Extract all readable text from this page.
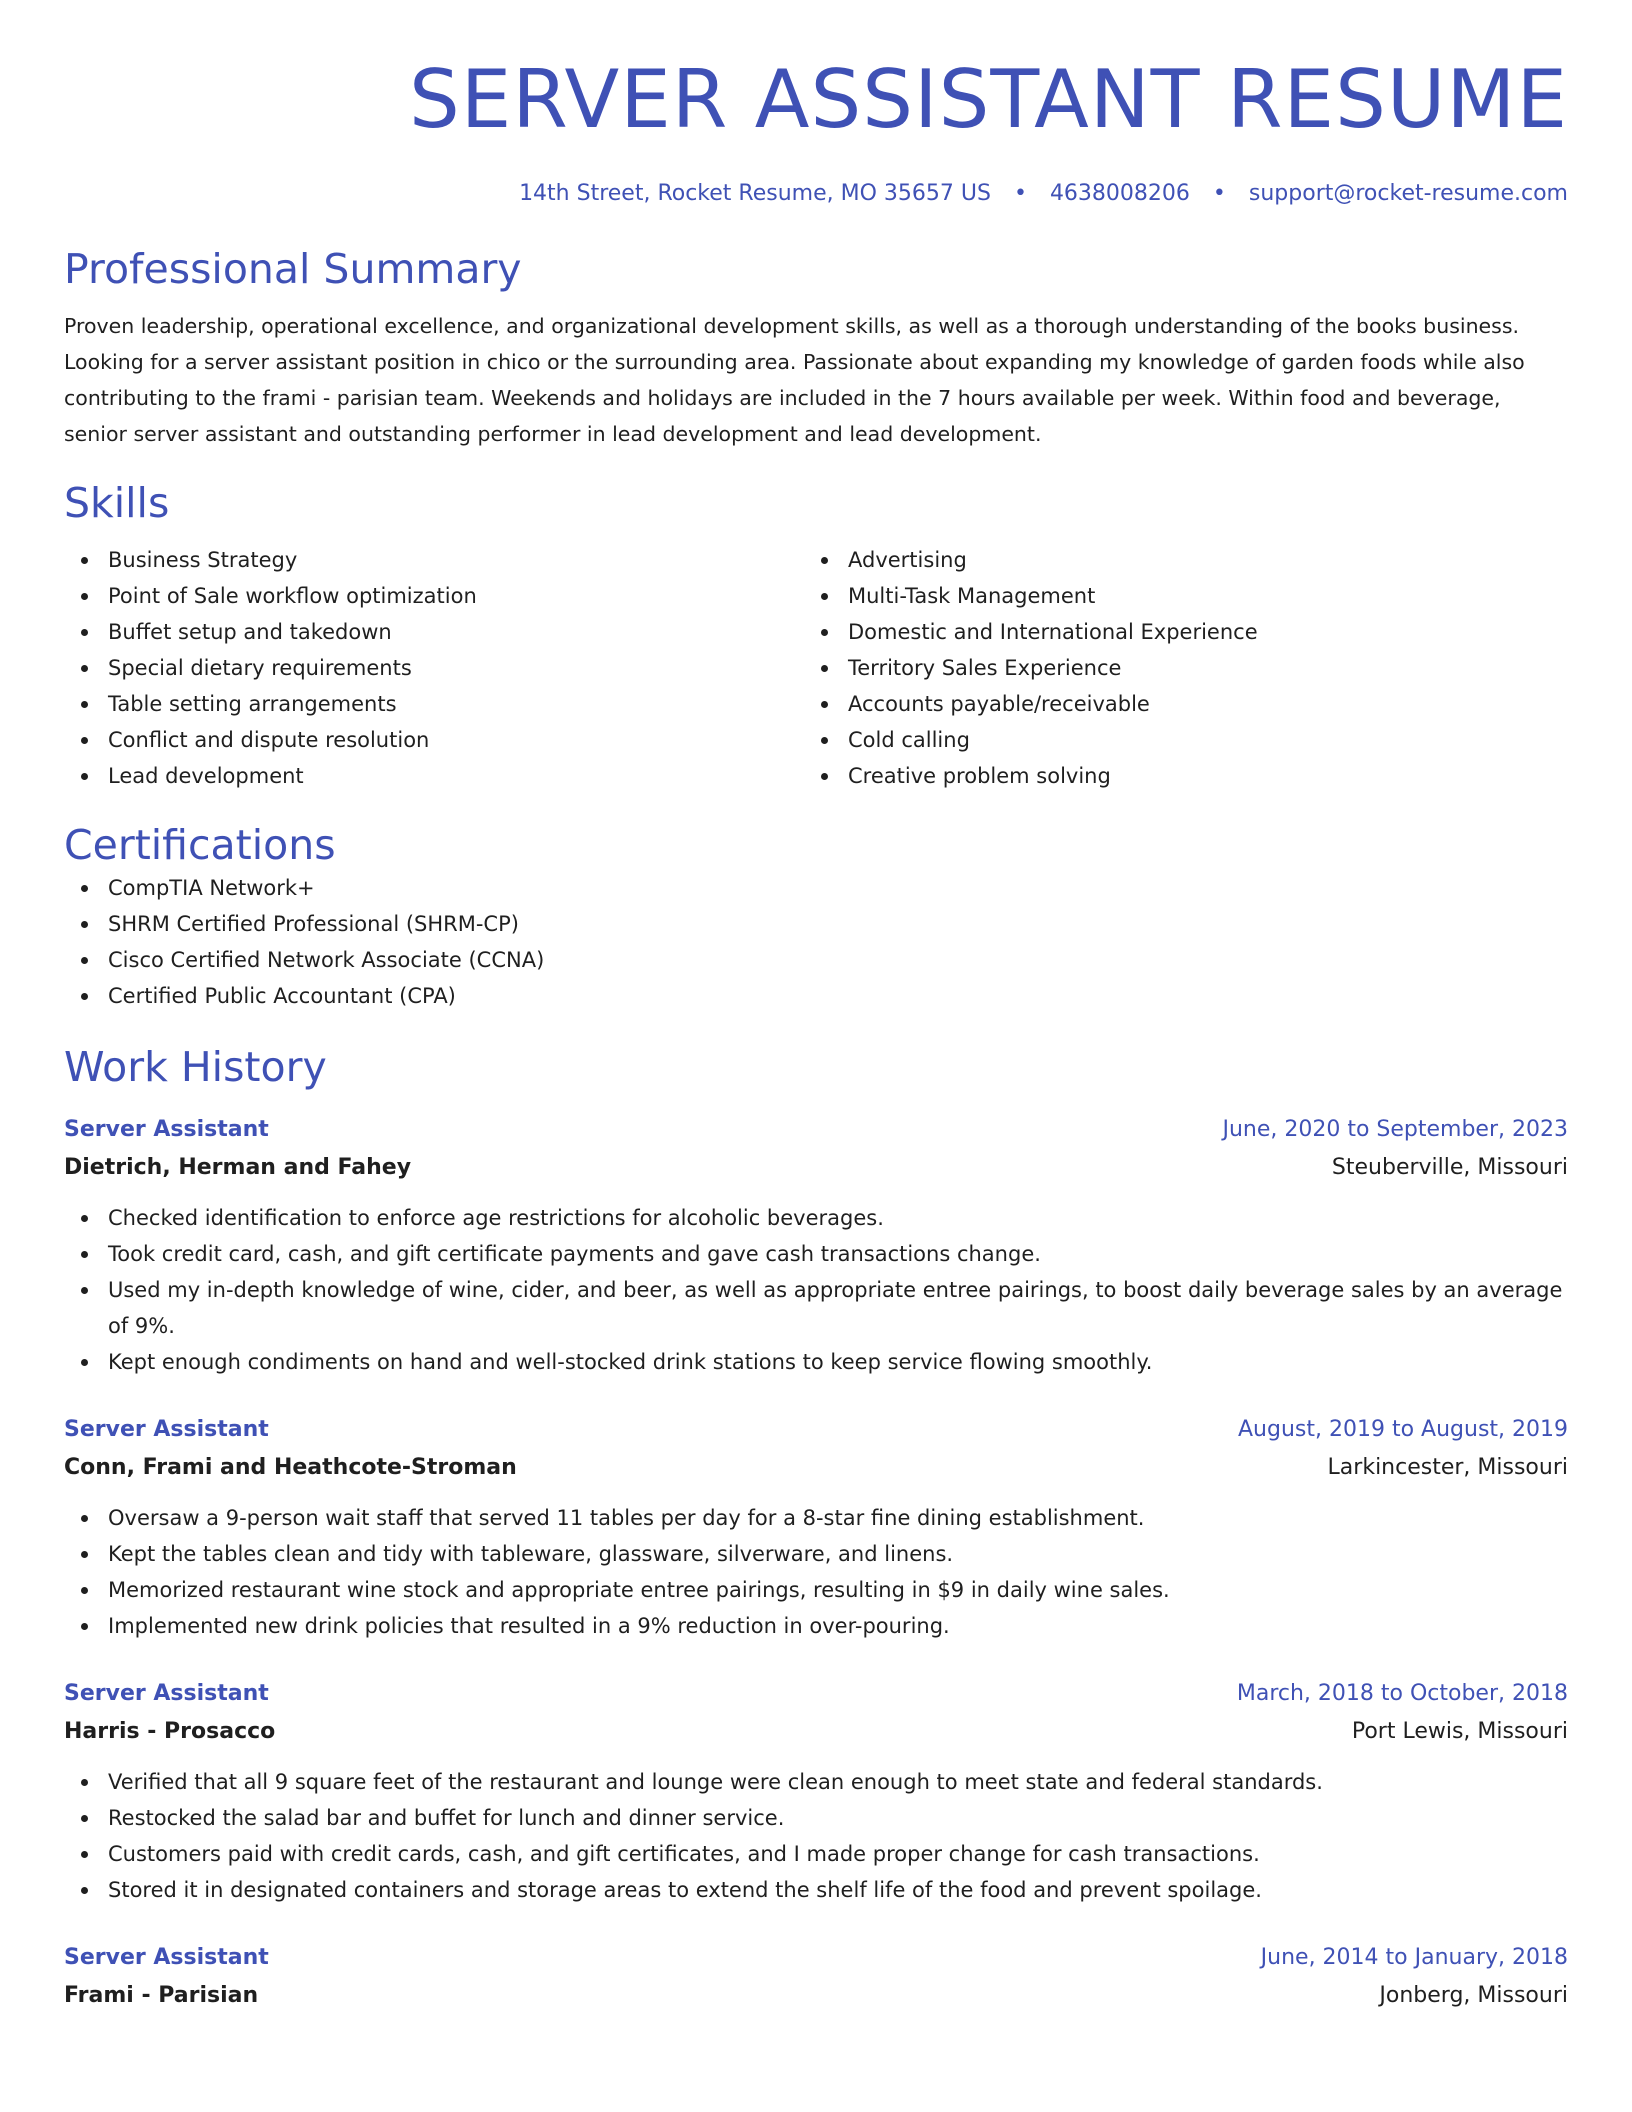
SERVER ASSISTANT RESUME
14th Street, Rocket Resume, MO 35657 US • 4638008206 • support@rocket-resume.com
Professional Summary
Proven leadership, operational excellence, and organizational development skills, as well as a thorough understanding of the books business. Looking for a server assistant position in chico or the surrounding area. Passionate about expanding my knowledge of garden foods while also contributing to the frami - parisian team. Weekends and holidays are included in the 7 hours available per week. Within food and beverage, senior server assistant and outstanding performer in lead development and lead development.
Skills
Business Strategy
Point of Sale workflow optimization
Buffet setup and takedown
Special dietary requirements
Table setting arrangements
Conflict and dispute resolution
Lead development
Advertising
Multi-Task Management
Domestic and International Experience
Territory Sales Experience
Accounts payable/receivable
Cold calling
Creative problem solving
Certifications
CompTIA Network+
SHRM Certified Professional (SHRM-CP)
Cisco Certified Network Associate (CCNA)
Certified Public Accountant (CPA)
Work History
Server Assistant	June, 2020 to September, 2023
Dietrich, Herman and Fahey	Steuberville, Missouri
Checked identification to enforce age restrictions for alcoholic beverages.
Took credit card, cash, and gift certificate payments and gave cash transactions change.
Used my in-depth knowledge of wine, cider, and beer, as well as appropriate entree pairings, to boost daily beverage sales by an average of 9%.
Kept enough condiments on hand and well-stocked drink stations to keep service flowing smoothly.
Server Assistant	August, 2019 to August, 2019
Conn, Frami and Heathcote-Stroman	Larkincester, Missouri
Oversaw a 9-person wait staff that served 11 tables per day for a 8-star fine dining establishment.
Kept the tables clean and tidy with tableware, glassware, silverware, and linens.
Memorized restaurant wine stock and appropriate entree pairings, resulting in $9 in daily wine sales.
Implemented new drink policies that resulted in a 9% reduction in over-pouring.
Server Assistant	March, 2018 to October, 2018
Harris - Prosacco	Port Lewis, Missouri
Verified that all 9 square feet of the restaurant and lounge were clean enough to meet state and federal standards.
Restocked the salad bar and buffet for lunch and dinner service.
Customers paid with credit cards, cash, and gift certificates, and I made proper change for cash transactions.
Stored it in designated containers and storage areas to extend the shelf life of the food and prevent spoilage.
Server Assistant	June, 2014 to January, 2018
Frami - Parisian	Jonberg, Missouri
